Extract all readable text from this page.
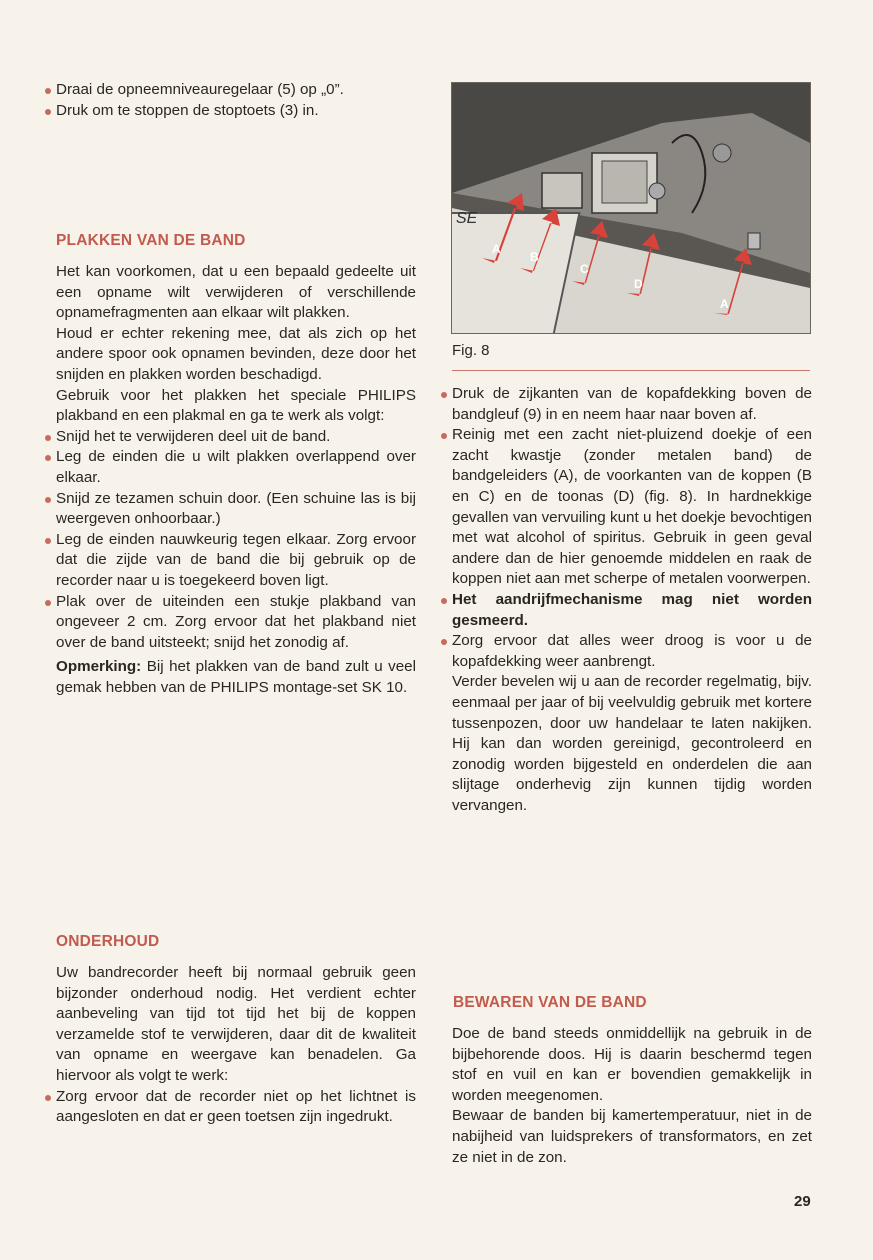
Draai de opneemniveauregelaar (5) op „0”.

Druk om te stoppen de stoptoets (3) in.

PLAKKEN VAN DE BAND

Het kan voorkomen, dat u een bepaald gedeelte uit een opname wilt verwijderen of verschillende opnamefragmenten aan elkaar wilt plakken.

Houd er echter rekening mee, dat als zich op het andere spoor ook opnamen bevinden, deze door het snijden en plakken worden beschadigd.

Gebruik voor het plakken het speciale PHILIPS plakband en een plakmal en ga te werk als volgt:

Snijd het te verwijderen deel uit de band.

Leg de einden die u wilt plakken overlappend over elkaar.

Snijd ze tezamen schuin door. (Een schuine las is bij weergeven onhoorbaar.)

Leg de einden nauwkeurig tegen elkaar. Zorg ervoor dat die zijde van de band die bij gebruik op de recorder naar u is toegekeerd boven ligt.

Plak over de uiteinden een stukje plakband van ongeveer 2 cm. Zorg ervoor dat het plakband niet over de band uitsteekt; snijd het zonodig af.

Opmerking: Bij het plakken van de band zult u veel gemak hebben van de PHILIPS montage-set SK 10.

ONDERHOUD

Uw bandrecorder heeft bij normaal gebruik geen bijzonder onderhoud nodig. Het verdient echter aanbeveling van tijd tot tijd het bij de koppen verzamelde stof te verwijderen, daar dit de kwaliteit van opname en weergave kan benadelen. Ga hiervoor als volgt te werk:

Zorg ervoor dat de recorder niet op het lichtnet is aangesloten en dat er geen toetsen zijn ingedrukt.

SE
A
B
C
D
A
Fig. 8

Druk de zijkanten van de kopafdekking boven de bandgleuf (9) in en neem haar naar boven af.

Reinig met een zacht niet-pluizend doekje of een zacht kwastje (zonder metalen band) de bandgeleiders (A), de voorkanten van de koppen (B en C) en de toonas (D) (fig. 8). In hardnekkige gevallen van vervuiling kunt u het doekje bevochtigen met wat alcohol of spiritus. Gebruik in geen geval andere dan de hier genoemde middelen en raak de koppen niet aan met scherpe of metalen voorwerpen.

Het aandrijfmechanisme mag niet worden gesmeerd.

Zorg ervoor dat alles weer droog is voor u de kopafdekking weer aanbrengt.

Verder bevelen wij u aan de recorder regelmatig, bijv. eenmaal per jaar of bij veelvuldig gebruik met kortere tussenpozen, door uw handelaar te laten nakijken. Hij kan dan worden gereinigd, gecontroleerd en zonodig worden bijgesteld en onderdelen die aan slijtage onderhevig zijn kunnen tijdig worden vervangen.

BEWAREN VAN DE BAND

Doe de band steeds onmiddellijk na gebruik in de bijbehorende doos. Hij is daarin beschermd tegen stof en vuil en kan er bovendien gemakkelijk in worden meegenomen.

Bewaar de banden bij kamertemperatuur, niet in de nabijheid van luidsprekers of transformators, en zet ze niet in de zon.

29
